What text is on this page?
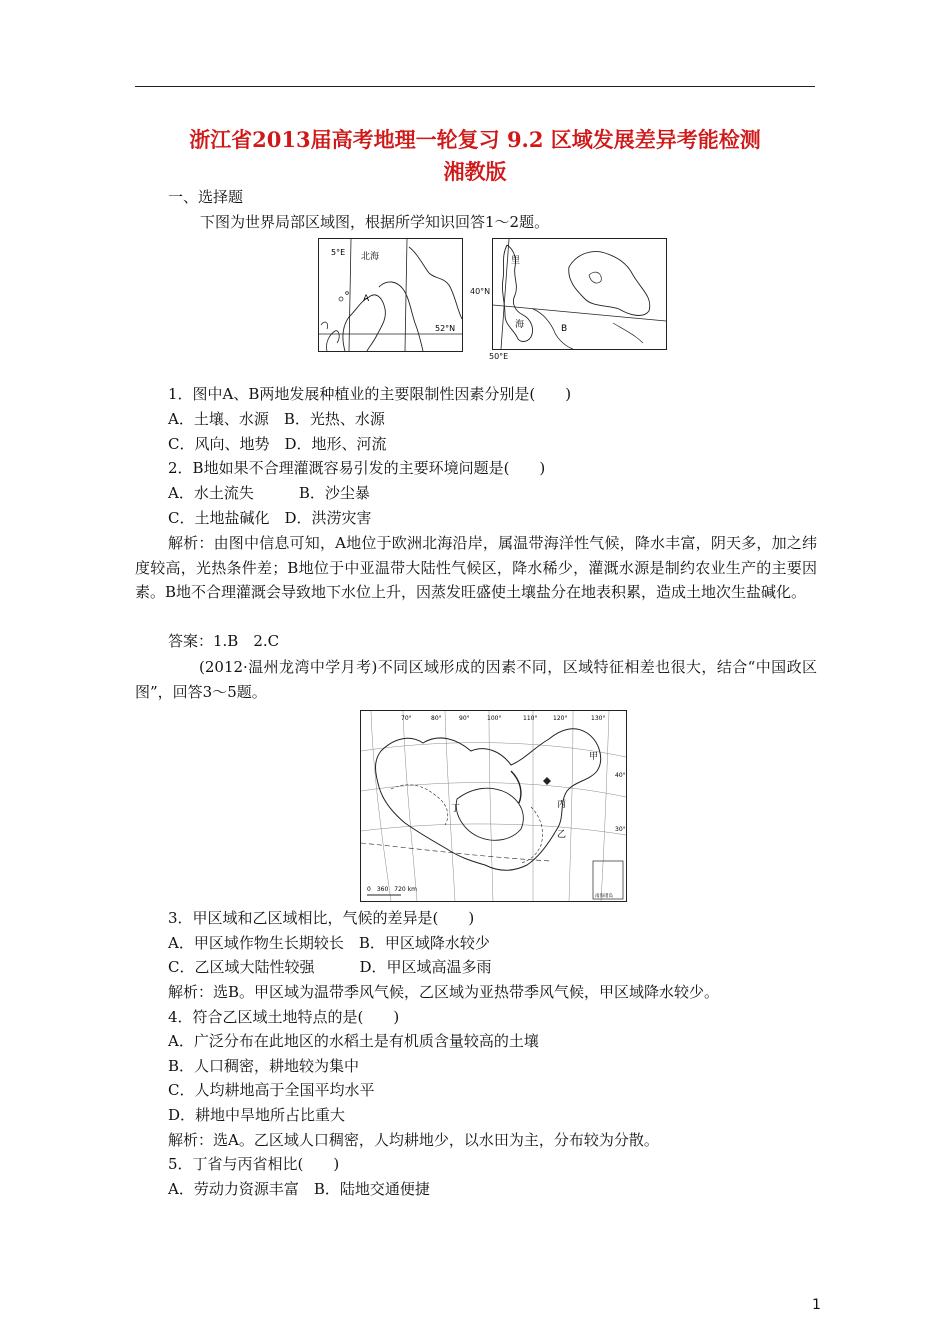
浙江省2013届高考地理一轮复习 9.2 区域发展差异考能检测
湘教版
一、选择题
下图为世界局部区域图，根据所学知识回答1～2题。
5°E 北海
A
52°N
里
海	B
40°N
50°E
1．图中A、B两地发展种植业的主要限制性因素分别是(　　)
A．土壤、水源　B．光热、水源
C．风向、地势　D．地形、河流
2．B地如果不合理灌溉容易引发的主要环境问题是(　　)
A．水土流失　　　B．沙尘暴
C．土地盐碱化　D．洪涝灾害
解析：由图中信息可知，A地位于欧洲北海沿岸，属温带海洋性气候，降水丰富，阴天多，加之纬度较高，光热条件差；B地位于中亚温带大陆性气候区，降水稀少，灌溉水源是制约农业生产的主要因素。B地不合理灌溉会导致地下水位上升，因蒸发旺盛使土壤盐分在地表积累，造成土地次生盐碱化。
答案：1.B　2.C
(2012·温州龙湾中学月考)不同区域形成的因素不同，区域特征相差也很大，结合“中国政区图”，回答3～5题。
70°	80°	90°	100°	110°	120°	130°
40°
30°
甲
乙
丙
丁
0　360　720 km
南海诸岛
3．甲区域和乙区域相比，气候的差异是(　　)
A．甲区域作物生长期较长　B．甲区域降水较少
C．乙区域大陆性较强　　　D．甲区域高温多雨
解析：选B。甲区域为温带季风气候，乙区域为亚热带季风气候，甲区域降水较少。
4．符合乙区域土地特点的是(　　)
A．广泛分布在此地区的水稻土是有机质含量较高的土壤
B．人口稠密，耕地较为集中
C．人均耕地高于全国平均水平
D．耕地中旱地所占比重大
解析：选A。乙区域人口稠密，人均耕地少，以水田为主，分布较为分散。
5．丁省与丙省相比(　　)
A．劳动力资源丰富　B．陆地交通便捷
1
